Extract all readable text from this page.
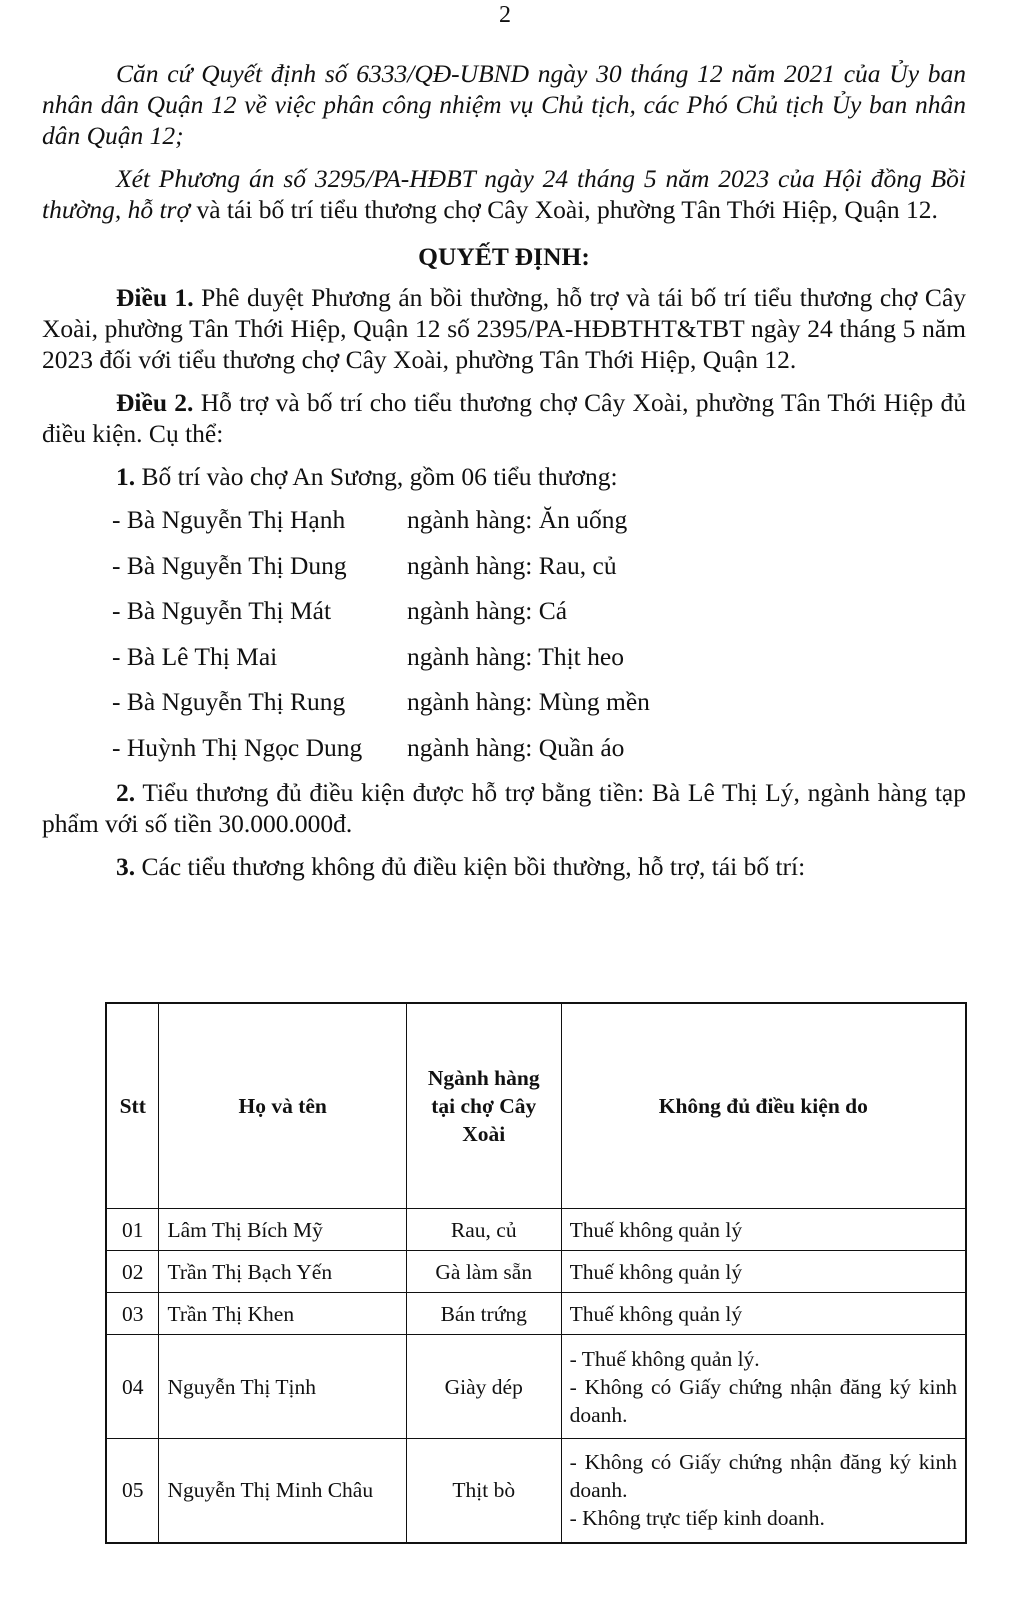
2

Căn cứ Quyết định số 6333/QĐ-UBND ngày 30 tháng 12 năm 2021 của Ủy ban nhân dân Quận 12 về việc phân công nhiệm vụ Chủ tịch, các Phó Chủ tịch Ủy ban nhân dân Quận 12;

Xét Phương án số 3295/PA-HĐBT ngày 24 tháng 5 năm 2023 của Hội đồng Bồi thường, hỗ trợ và tái bố trí tiểu thương chợ Cây Xoài, phường Tân Thới Hiệp, Quận 12.

QUYẾT ĐỊNH:

Điều 1. Phê duyệt Phương án bồi thường, hỗ trợ và tái bố trí tiểu thương chợ Cây Xoài, phường Tân Thới Hiệp, Quận 12 số 2395/PA-HĐBTHT&TBT ngày 24 tháng 5 năm 2023 đối với tiểu thương chợ Cây Xoài, phường Tân Thới Hiệp, Quận 12.

Điều 2. Hỗ trợ và bố trí cho tiểu thương chợ Cây Xoài, phường Tân Thới Hiệp đủ điều kiện. Cụ thể:

1. Bố trí vào chợ An Sương, gồm 06 tiểu thương:

- Bà Nguyễn Thị Hạnh	ngành hàng: Ăn uống
- Bà Nguyễn Thị Dung	ngành hàng: Rau, củ
- Bà Nguyễn Thị Mát	ngành hàng: Cá
- Bà Lê Thị Mai	ngành hàng: Thịt heo
- Bà Nguyễn Thị Rung	ngành hàng: Mùng mền
- Huỳnh Thị Ngọc Dung	ngành hàng: Quần áo

2. Tiểu thương đủ điều kiện được hỗ trợ bằng tiền: Bà Lê Thị Lý, ngành hàng tạp phẩm với số tiền 30.000.000đ.

3. Các tiểu thương không đủ điều kiện bồi thường, hỗ trợ, tái bố trí:

Stt	Họ và tên	Ngành hàng tại chợ Cây Xoài	Không đủ điều kiện do
01	Lâm Thị Bích Mỹ	Rau, củ	Thuế không quản lý

02	Trần Thị Bạch Yến	Gà làm sẵn	Thuế không quản lý

03	Trần Thị Khen	Bán trứng	Thuế không quản lý

04	Nguyễn Thị Tịnh	Giày dép	- Thuế không quản lý.
- Không có Giấy chứng nhận đăng ký kinh doanh.

05	Nguyễn Thị Minh Châu	Thịt bò	- Không có Giấy chứng nhận đăng ký kinh doanh.
- Không trực tiếp kinh doanh.
